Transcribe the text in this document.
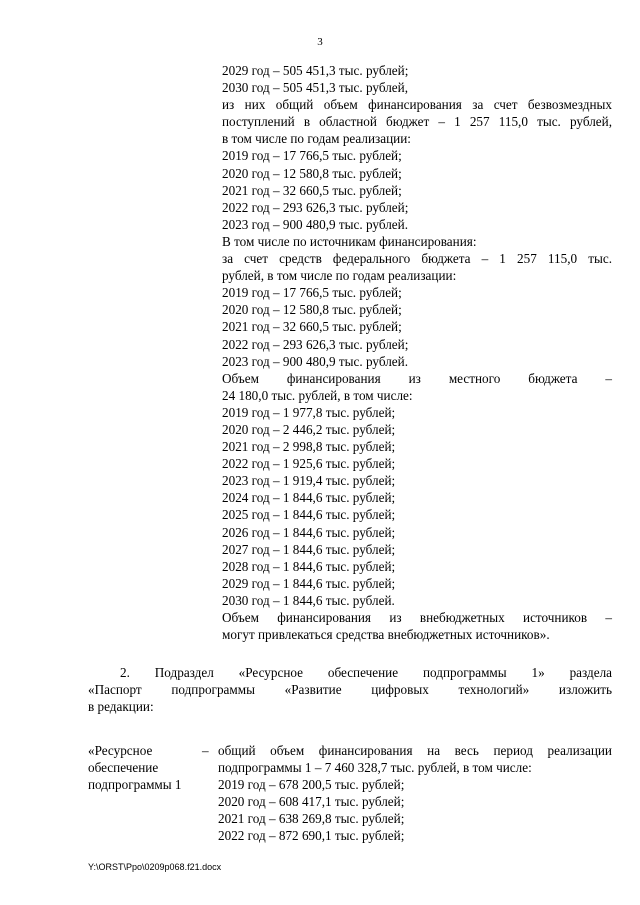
3
2029 год – 505 451,3 тыс. рублей;
2030 год – 505 451,3 тыс. рублей,
из них общий объем финансирования за счет безвозмездных
поступлений в областной бюджет – 1 257 115,0 тыс. рублей,
в том числе по годам реализации:
2019 год – 17 766,5 тыс. рублей;
2020 год – 12 580,8 тыс. рублей;
2021 год – 32 660,5 тыс. рублей;
2022 год – 293 626,3 тыс. рублей;
2023 год – 900 480,9 тыс. рублей.
В том числе по источникам финансирования:
за счет средств федерального бюджета – 1 257 115,0 тыс.
рублей, в том числе по годам реализации:
2019 год – 17 766,5 тыс. рублей;
2020 год – 12 580,8 тыс. рублей;
2021 год – 32 660,5 тыс. рублей;
2022 год – 293 626,3 тыс. рублей;
2023 год – 900 480,9 тыс. рублей.
Объем финансирования из местного бюджета –
24 180,0 тыс. рублей, в том числе:
2019 год – 1 977,8 тыс. рублей;
2020 год – 2 446,2 тыс. рублей;
2021 год – 2 998,8 тыс. рублей;
2022 год – 1 925,6 тыс. рублей;
2023 год – 1 919,4 тыс. рублей;
2024 год – 1 844,6 тыс. рублей;
2025 год – 1 844,6 тыс. рублей;
2026 год – 1 844,6 тыс. рублей;
2027 год – 1 844,6 тыс. рублей;
2028 год – 1 844,6 тыс. рублей;
2029 год – 1 844,6 тыс. рублей;
2030 год – 1 844,6 тыс. рублей.
Объем финансирования из внебюджетных источников –
могут привлекаться средства внебюджетных источников».
2. Подраздел «Ресурсное обеспечение подпрограммы 1» раздела
«Паспорт подпрограммы «Развитие цифровых технологий» изложить
в редакции:
«Ресурсное
обеспечение
подпрограммы 1
– общий объем финансирования на весь период реализации
подпрограммы 1 – 7 460 328,7 тыс. рублей, в том числе:
2019 год – 678 200,5 тыс. рублей;
2020 год – 608 417,1 тыс. рублей;
2021 год – 638 269,8 тыс. рублей;
2022 год – 872 690,1 тыс. рублей;
Y:\ORST\Ppo\0209p068.f21.docx
